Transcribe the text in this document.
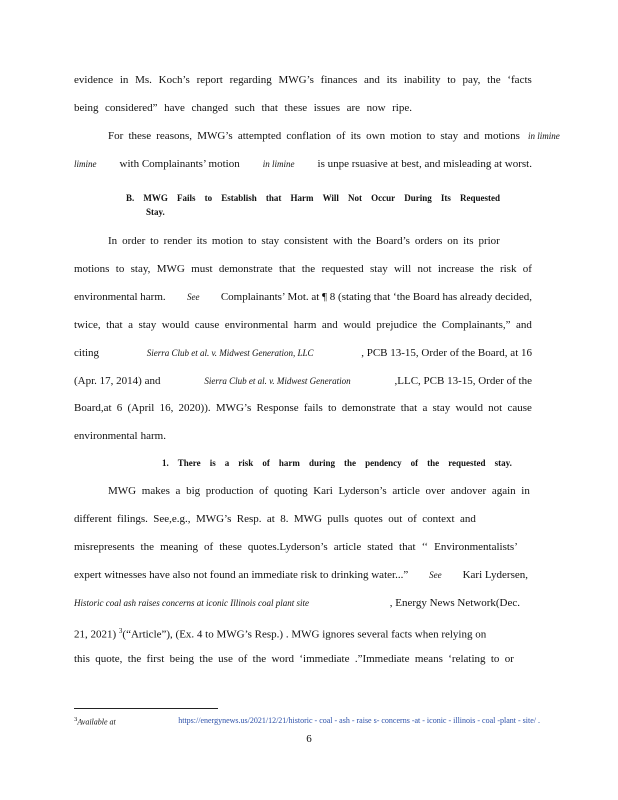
evidence in Ms. Koch’s report regarding MWG’s finances and its inability to pay, the ‘facts
being considered” have changed such that these issues are now ripe.
For these reasons, MWG’s attempted conflation of its own motion to stay and motions in limine
limine with Complainants’ motion	in limine is unpe rsuasive at best, and misleading at worst.
B. MWG Fails to Establish that Harm Will Not Occur During Its Requested
Stay.
In order to render its motion to stay consistent with the Board’s orders on its prior
motions to stay, MWG must demonstrate that the requested stay will not increase the risk of
environmental harm. See Complainants’ Mot. at ¶ 8 (stating that ‘the Board has already decided,
twice, that a stay would cause environmental harm and would prejudice the Complainants,” and
citing	Sierra Club et al. v. Midwest Generation, LLC	, PCB 13-15, Order of the Board, at 16
(Apr. 17, 2014) and	Sierra Club et al. v. Midwest Generation	,LLC, PCB 13-15, Order of the
Board,at 6 (April 16, 2020)). MWG’s Response fails to demonstrate that a stay would not cause
environmental harm.
1. There is a risk of harm during the pendency of the requested stay.
MWG makes a big production of quoting Kari Lyderson’s article over andover again in
different filings. See,e.g., MWG’s Resp. at 8. MWG pulls quotes out of context and
misrepresents the meaning of these quotes.Lyderson’s article stated that ‘‘ Environmentalists’
expert witnesses have also not found an immediate risk to drinking water...” See Kari Lydersen,
Historic coal ash raises concerns at iconic Illinois coal plant site	, Energy News Network(Dec.
21, 2021) $^3$(“Article”), (Ex. 4 to MWG’s Resp.) . MWG ignores several facts when relying on
this quote, the first being the use of the word ‘immediate .”Immediate means ‘relating to or
$^3$Available at	https://energynews.us/2021/12/21/historic - coal - ash - raise s- concerns -at - iconic - illinois - coal -plant - site/ .
6
